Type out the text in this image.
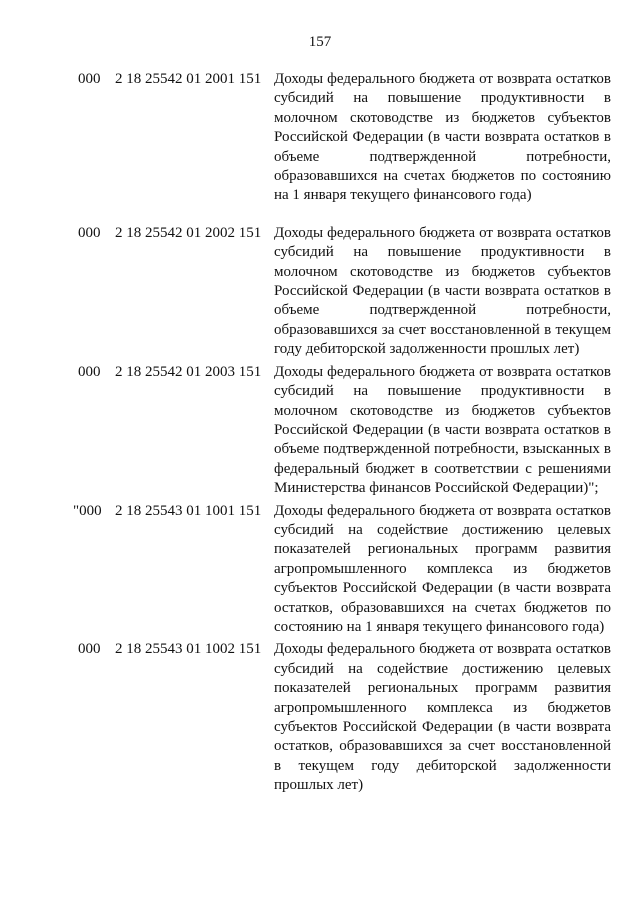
157
000 2 18 25542 01 2001 151 Доходы федерального бюджета от возврата остатков субсидий на повышение продуктивности в молочном скотоводстве из бюджетов субъектов Российской Федерации (в части возврата остатков в объеме подтвержденной потребности, образовавшихся на счетах бюджетов по состоянию на 1 января текущего финансового года)
000 2 18 25542 01 2002 151 Доходы федерального бюджета от возврата остатков субсидий на повышение продуктивности в молочном скотоводстве из бюджетов субъектов Российской Федерации (в части возврата остатков в объеме подтвержденной потребности, образовавшихся за счет восстановленной в текущем году дебиторской задолженности прошлых лет)
000 2 18 25542 01 2003 151 Доходы федерального бюджета от возврата остатков субсидий на повышение продуктивности в молочном скотоводстве из бюджетов субъектов Российской Федерации (в части возврата остатков в объеме подтвержденной потребности, взысканных в федеральный бюджет в соответствии с решениями Министерства финансов Российской Федерации)";
"000 2 18 25543 01 1001 151 Доходы федерального бюджета от возврата остатков субсидий на содействие достижению целевых показателей региональных программ развития агропромышленного комплекса из бюджетов субъектов Российской Федерации (в части возврата остатков, образовавшихся на счетах бюджетов по состоянию на 1 января текущего финансового года)
000 2 18 25543 01 1002 151 Доходы федерального бюджета от возврата остатков субсидий на содействие достижению целевых показателей региональных программ развития агропромышленного комплекса из бюджетов субъектов Российской Федерации (в части возврата остатков, образовавшихся за счет восстановленной в текущем году дебиторской задолженности прошлых лет)
